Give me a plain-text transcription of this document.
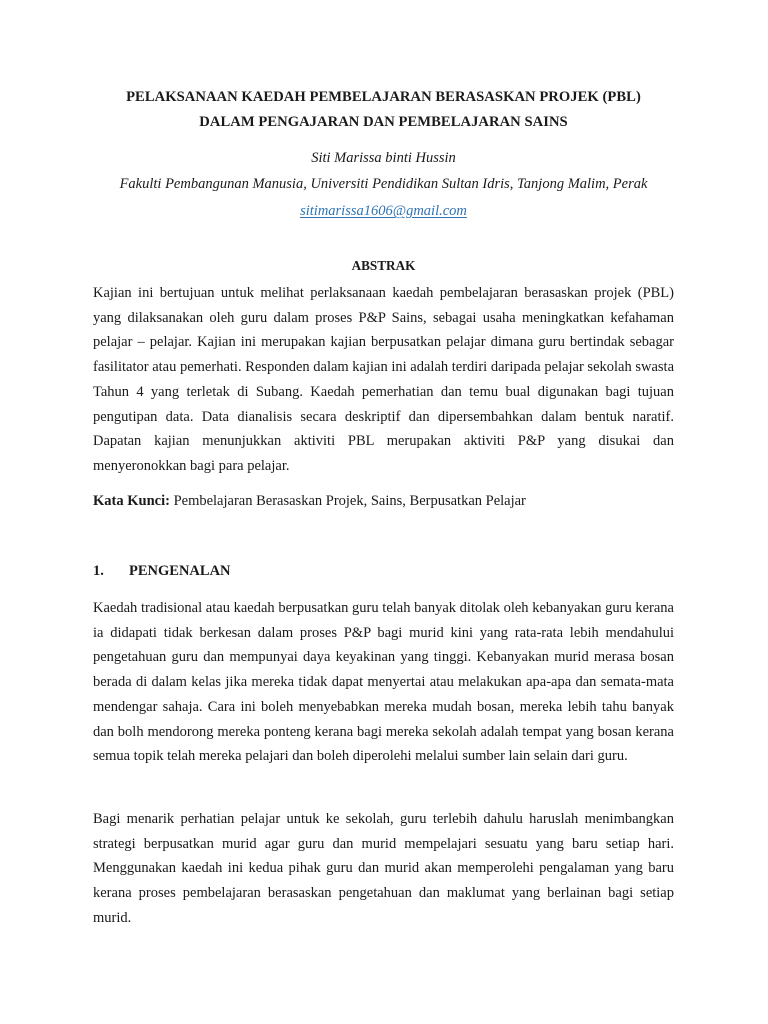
PELAKSANAAN KAEDAH PEMBELAJARAN BERASASKAN PROJEK (PBL)
DALAM PENGAJARAN DAN PEMBELAJARAN SAINS
Siti Marissa binti Hussin
Fakulti Pembangunan Manusia, Universiti Pendidikan Sultan Idris, Tanjong Malim, Perak
sitimarissa1606@gmail.com
ABSTRAK

Kajian ini bertujuan untuk melihat perlaksanaan kaedah pembelajaran berasaskan projek (PBL) yang dilaksanakan oleh guru dalam proses P&P Sains, sebagai usaha meningkatkan kefahaman pelajar – pelajar. Kajian ini merupakan kajian berpusatkan pelajar dimana guru bertindak sebagar fasilitator atau pemerhati. Responden dalam kajian ini adalah terdiri daripada pelajar sekolah swasta Tahun 4 yang terletak di Subang. Kaedah pemerhatian dan temu bual digunakan bagi tujuan pengutipan data. Data dianalisis secara deskriptif dan dipersembahkan dalam bentuk naratif. Dapatan kajian menunjukkan aktiviti PBL merupakan aktiviti P&P yang disukai dan menyeronokkan bagi para pelajar.

Kata Kunci: Pembelajaran Berasaskan Projek, Sains, Berpusatkan Pelajar
1. PENGENALAN

Kaedah tradisional atau kaedah berpusatkan guru telah banyak ditolak oleh kebanyakan guru kerana ia didapati tidak berkesan dalam proses P&P bagi murid kini yang rata-rata lebih mendahului pengetahuan guru dan mempunyai daya keyakinan yang tinggi. Kebanyakan murid merasa bosan berada di dalam kelas jika mereka tidak dapat menyertai atau melakukan apa-apa dan semata-mata mendengar sahaja. Cara ini boleh menyebabkan mereka mudah bosan, mereka lebih tahu banyak dan bolh mendorong mereka ponteng kerana bagi mereka sekolah adalah tempat yang bosan kerana semua topik telah mereka pelajari dan boleh diperolehi melalui sumber lain selain dari guru.

Bagi menarik perhatian pelajar untuk ke sekolah, guru terlebih dahulu haruslah menimbangkan strategi berpusatkan murid agar guru dan murid mempelajari sesuatu yang baru setiap hari. Menggunakan kaedah ini kedua pihak guru dan murid akan memperolehi pengalaman yang baru kerana proses pembelajaran berasaskan pengetahuan dan maklumat yang berlainan bagi setiap murid.
